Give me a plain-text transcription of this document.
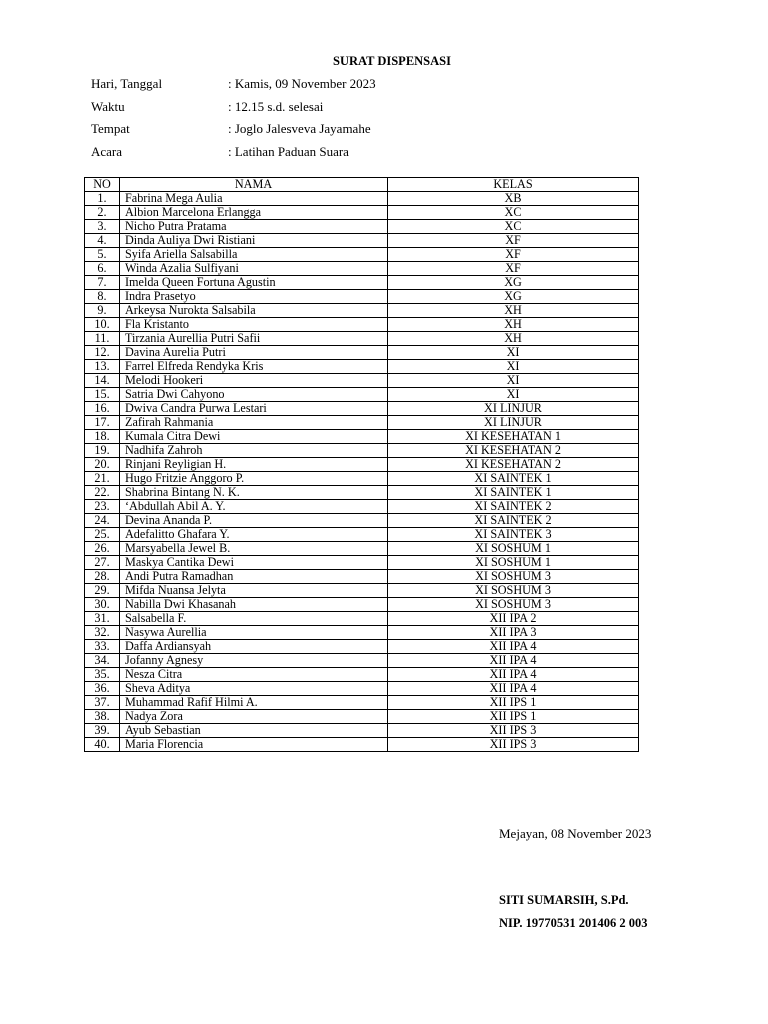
SURAT DISPENSASI
Hari, Tanggal	: Kamis, 09 November 2023
Waktu	: 12.15 s.d. selesai
Tempat	: Joglo Jalesveva Jayamahe
Acara	: Latihan Paduan Suara
NO	NAMA	KELAS
1.	Fabrina Mega Aulia	XB
2.	Albion Marcelona Erlangga	XC
3.	Nicho Putra Pratama	XC
4.	Dinda Auliya Dwi Ristiani	XF
5.	Syifa Ariella Salsabilla	XF
6.	Winda Azalia Sulfiyani	XF
7.	Imelda Queen Fortuna Agustin	XG
8.	Indra Prasetyo	XG
9.	Arkeysa Nurokta Salsabila	XH
10.	Fla Kristanto	XH
11.	Tirzania Aurellia Putri Safii	XH
12.	Davina Aurelia Putri	XI
13.	Farrel Elfreda Rendyka Kris	XI
14.	Melodi Hookeri	XI
15.	Satria Dwi Cahyono	XI
16.	Dwiva Candra Purwa Lestari	XI LINJUR
17.	Zafirah Rahmania	XI LINJUR
18.	Kumala Citra Dewi	XI KESEHATAN 1
19.	Nadhifa Zahroh	XI KESEHATAN 2
20.	Rinjani Reyligian H.	XI KESEHATAN 2
21.	Hugo Fritzie Anggoro P.	XI SAINTEK 1
22.	Shabrina Bintang N. K.	XI SAINTEK 1
23.	‘Abdullah Abil A. Y.	XI SAINTEK 2
24.	Devina Ananda P.	XI SAINTEK 2
25.	Adefalitto Ghafara Y.	XI SAINTEK 3
26.	Marsyabella Jewel B.	XI SOSHUM 1
27.	Maskya Cantika Dewi	XI SOSHUM 1
28.	Andi Putra Ramadhan	XI SOSHUM 3
29.	Mifda Nuansa Jelyta	XI SOSHUM 3
30.	Nabilla Dwi Khasanah	XI SOSHUM 3
31.	Salsabella F.	XII IPA 2
32.	Nasywa Aurellia	XII IPA 3
33.	Daffa Ardiansyah	XII IPA 4
34.	Jofanny Agnesy	XII IPA 4
35.	Nesza Citra	XII IPA 4
36.	Sheva Aditya	XII IPA 4
37.	Muhammad Rafif Hilmi A.	XII IPS 1
38.	Nadya Zora	XII IPS 1
39.	Ayub Sebastian	XII IPS 3
40.	Maria Florencia	XII IPS 3
Mejayan, 08 November 2023
SITI SUMARSIH, S.Pd.
NIP. 19770531 201406 2 003
